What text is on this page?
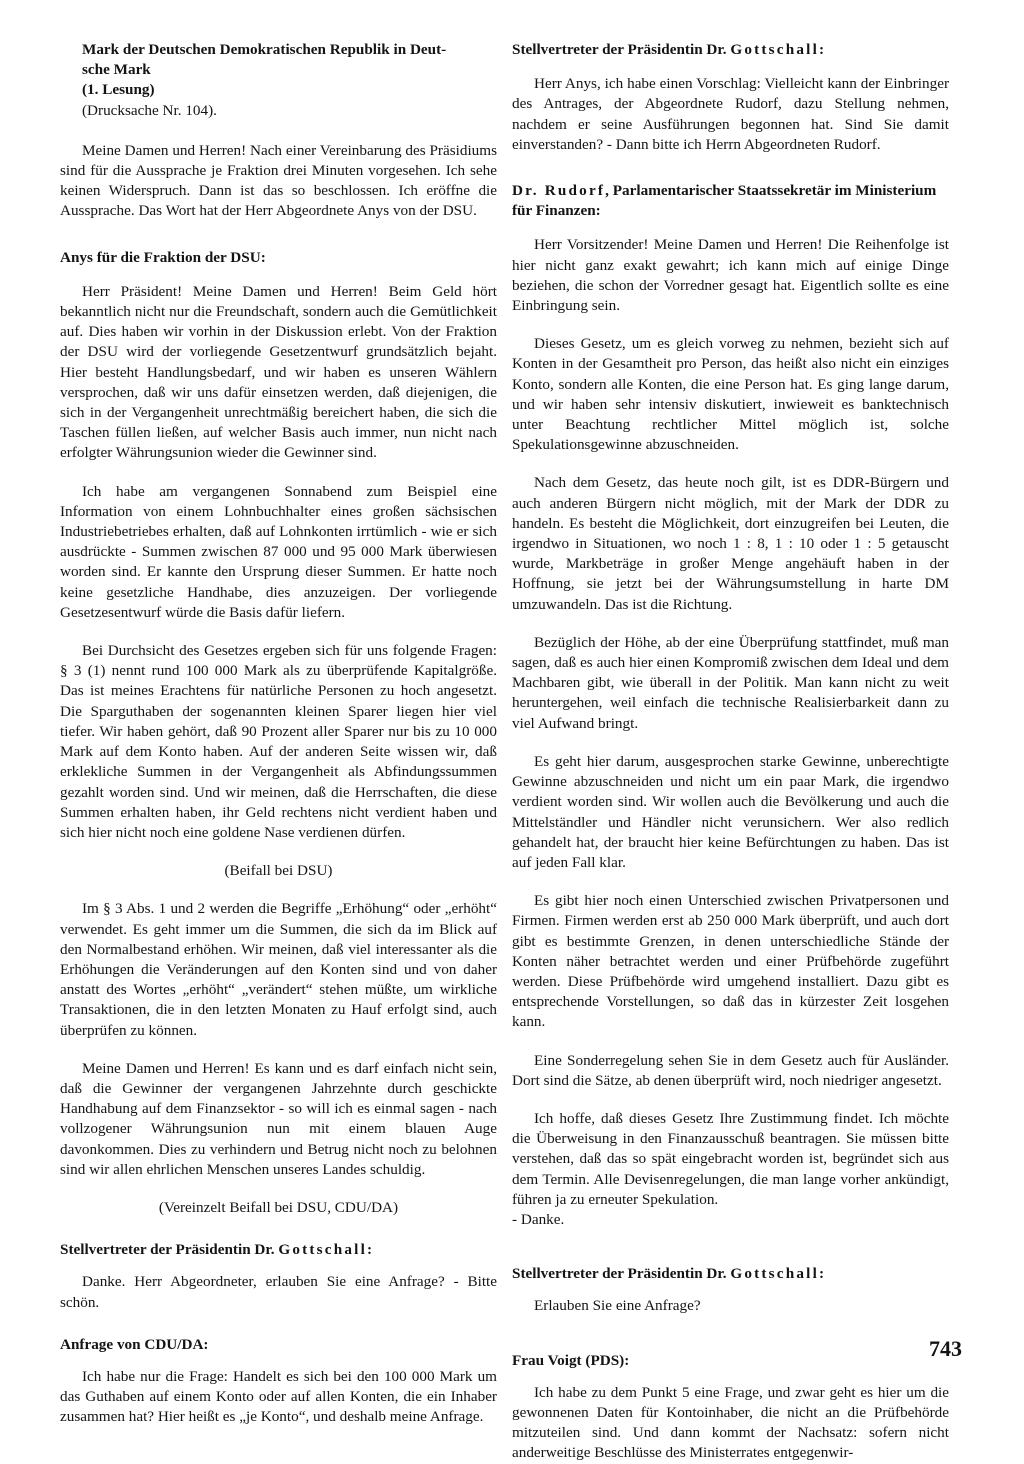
Mark der Deutschen Demokratischen Republik in Deut-

sche Mark

(1. Lesung)

(Drucksache Nr. 104).

Meine Damen und Herren! Nach einer Vereinbarung des Präsidiums sind für die Aussprache je Fraktion drei Minuten vorgesehen. Ich sehe keinen Widerspruch. Dann ist das so beschlossen. Ich eröffne die Aussprache. Das Wort hat der Herr Abgeordnete Anys von der DSU.

Anys für die Fraktion der DSU:

Herr Präsident! Meine Damen und Herren! Beim Geld hört bekanntlich nicht nur die Freundschaft, sondern auch die Gemütlichkeit auf. Dies haben wir vorhin in der Diskussion erlebt. Von der Fraktion der DSU wird der vorliegende Gesetzentwurf grundsätzlich bejaht. Hier besteht Handlungsbedarf, und wir haben es unseren Wählern versprochen, daß wir uns dafür einsetzen werden, daß diejenigen, die sich in der Vergangenheit unrechtmäßig bereichert haben, die sich die Taschen füllen ließen, auf welcher Basis auch immer, nun nicht nach erfolgter Währungsunion wieder die Gewinner sind.

Ich habe am vergangenen Sonnabend zum Beispiel eine Information von einem Lohnbuchhalter eines großen sächsischen Industriebetriebes erhalten, daß auf Lohnkonten irrtümlich - wie er sich ausdrückte - Summen zwischen 87 000 und 95 000 Mark überwiesen worden sind. Er kannte den Ursprung dieser Summen. Er hatte noch keine gesetzliche Handhabe, dies anzuzeigen. Der vorliegende Gesetzesentwurf würde die Basis dafür liefern.

Bei Durchsicht des Gesetzes ergeben sich für uns folgende Fragen: § 3 (1) nennt rund 100 000 Mark als zu überprüfende Kapitalgröße. Das ist meines Erachtens für natürliche Personen zu hoch angesetzt. Die Sparguthaben der sogenannten kleinen Sparer liegen hier viel tiefer. Wir haben gehört, daß 90 Prozent aller Sparer nur bis zu 10 000 Mark auf dem Konto haben. Auf der anderen Seite wissen wir, daß erklekliche Summen in der Vergangenheit als Abfindungssummen gezahlt worden sind. Und wir meinen, daß die Herrschaften, die diese Summen erhalten haben, ihr Geld rechtens nicht verdient haben und sich hier nicht noch eine goldene Nase verdienen dürfen.

(Beifall bei DSU)

Im § 3 Abs. 1 und 2 werden die Begriffe „Erhöhung“ oder „erhöht“ verwendet. Es geht immer um die Summen, die sich da im Blick auf den Normalbestand erhöhen. Wir meinen, daß viel interessanter als die Erhöhungen die Veränderungen auf den Konten sind und von daher anstatt des Wortes „erhöht“ „verändert“ stehen müßte, um wirkliche Transaktionen, die in den letzten Monaten zu Hauf erfolgt sind, auch überprüfen zu können.

Meine Damen und Herren! Es kann und es darf einfach nicht sein, daß die Gewinner der vergangenen Jahrzehnte durch geschickte Handhabung auf dem Finanzsektor - so will ich es einmal sagen - nach vollzogener Währungsunion nun mit einem blauen Auge davonkommen. Dies zu verhindern und Betrug nicht noch zu belohnen sind wir allen ehrlichen Menschen unseres Landes schuldig.

(Vereinzelt Beifall bei DSU, CDU/DA)

Stellvertreter der Präsidentin Dr. Gottschall:

Danke. Herr Abgeordneter, erlauben Sie eine Anfrage? - Bitte schön.

Anfrage von CDU/DA:

Ich habe nur die Frage: Handelt es sich bei den 100 000 Mark um das Guthaben auf einem Konto oder auf allen Konten, die ein Inhaber zusammen hat? Hier heißt es „je Konto“, und deshalb meine Anfrage.

Stellvertreter der Präsidentin Dr. Gottschall:

Herr Anys, ich habe einen Vorschlag: Vielleicht kann der Einbringer des Antrages, der Abgeordnete Rudorf, dazu Stellung nehmen, nachdem er seine Ausführungen begonnen hat. Sind Sie damit einverstanden? - Dann bitte ich Herrn Abgeordneten Rudorf.

Dr. Rudorf, Parlamentarischer Staatssekretär im Ministerium für Finanzen:

Herr Vorsitzender! Meine Damen und Herren! Die Reihenfolge ist hier nicht ganz exakt gewahrt; ich kann mich auf einige Dinge beziehen, die schon der Vorredner gesagt hat. Eigentlich sollte es eine Einbringung sein.

Dieses Gesetz, um es gleich vorweg zu nehmen, bezieht sich auf Konten in der Gesamtheit pro Person, das heißt also nicht ein einziges Konto, sondern alle Konten, die eine Person hat. Es ging lange darum, und wir haben sehr intensiv diskutiert, inwieweit es banktechnisch unter Beachtung rechtlicher Mittel möglich ist, solche Spekulationsgewinne abzuschneiden.

Nach dem Gesetz, das heute noch gilt, ist es DDR-Bürgern und auch anderen Bürgern nicht möglich, mit der Mark der DDR zu handeln. Es besteht die Möglichkeit, dort einzugreifen bei Leuten, die irgendwo in Situationen, wo noch 1 : 8, 1 : 10 oder 1 : 5 getauscht wurde, Markbeträge in großer Menge angehäuft haben in der Hoffnung, sie jetzt bei der Währungsumstellung in harte DM umzuwandeln. Das ist die Richtung.

Bezüglich der Höhe, ab der eine Überprüfung stattfindet, muß man sagen, daß es auch hier einen Kompromiß zwischen dem Ideal und dem Machbaren gibt, wie überall in der Politik. Man kann nicht zu weit heruntergehen, weil einfach die technische Realisierbarkeit dann zu viel Aufwand bringt.

Es geht hier darum, ausgesprochen starke Gewinne, unberechtigte Gewinne abzuschneiden und nicht um ein paar Mark, die irgendwo verdient worden sind. Wir wollen auch die Bevölkerung und auch die Mittelständler und Händler nicht verunsichern. Wer also redlich gehandelt hat, der braucht hier keine Befürchtungen zu haben. Das ist auf jeden Fall klar.

Es gibt hier noch einen Unterschied zwischen Privatpersonen und Firmen. Firmen werden erst ab 250 000 Mark überprüft, und auch dort gibt es bestimmte Grenzen, in denen unterschiedliche Stände der Konten näher betrachtet werden und einer Prüfbehörde zugeführt werden. Diese Prüfbehörde wird umgehend installiert. Dazu gibt es entsprechende Vorstellungen, so daß das in kürzester Zeit losgehen kann.

Eine Sonderregelung sehen Sie in dem Gesetz auch für Ausländer. Dort sind die Sätze, ab denen überprüft wird, noch niedriger angesetzt.

Ich hoffe, daß dieses Gesetz Ihre Zustimmung findet. Ich möchte die Überweisung in den Finanzausschuß beantragen. Sie müssen bitte verstehen, daß das so spät eingebracht worden ist, begründet sich aus dem Termin. Alle Devisenregelungen, die man lange vorher ankündigt, führen ja zu erneuter Spekulation.

- Danke.

Stellvertreter der Präsidentin Dr. Gottschall:

Erlauben Sie eine Anfrage?

Frau Voigt (PDS):

Ich habe zu dem Punkt 5 eine Frage, und zwar geht es hier um die gewonnenen Daten für Kontoinhaber, die nicht an die Prüfbehörde mitzuteilen sind. Und dann kommt der Nachsatz: sofern nicht anderweitige Beschlüsse des Ministerrates entgegenwir-

743
